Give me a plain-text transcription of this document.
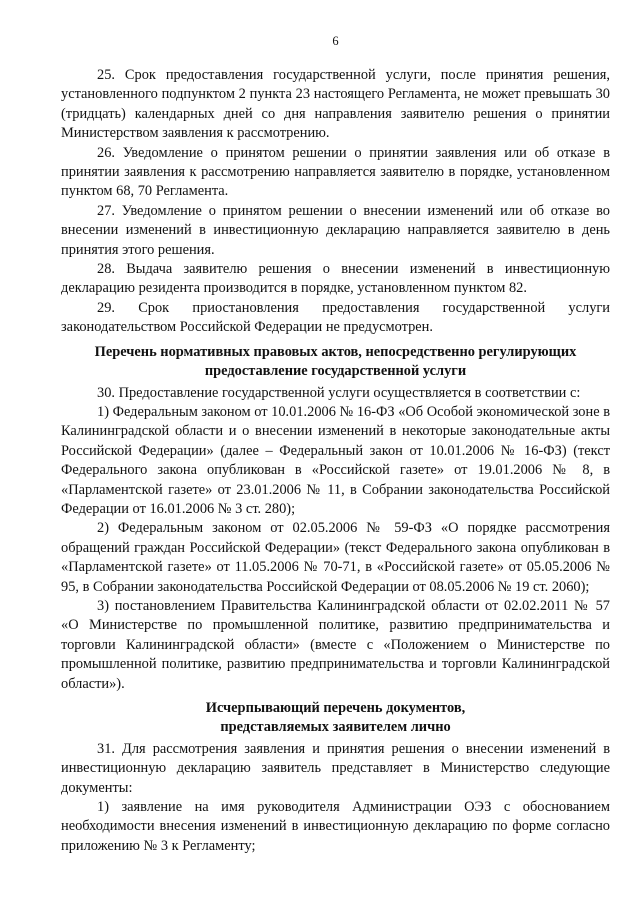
6

25. Срок предоставления государственной услуги, после принятия решения, установленного подпунктом 2 пункта 23 настоящего Регламента, не может превышать 30 (тридцать) календарных дней со дня направления заявителю решения о принятии Министерством заявления к рассмотрению.

26. Уведомление о принятом решении о принятии заявления или об отказе в принятии заявления к рассмотрению направляется заявителю в порядке, установленном пунктом 68, 70 Регламента.

27. Уведомление о принятом решении о внесении изменений или об отказе во внесении изменений в инвестиционную декларацию направляется заявителю в день принятия этого решения.

28. Выдача заявителю решения о внесении изменений в инвестиционную декларацию резидента производится в порядке, установленном пунктом 82.

29. Срок приостановления предоставления государственной услуги законодательством Российской Федерации не предусмотрен.

Перечень нормативных правовых актов, непосредственно регулирующих
предоставление государственной услуги

30. Предоставление государственной услуги осуществляется в соответствии с:

1) Федеральным законом от 10.01.2006 № 16-ФЗ «Об Особой экономической зоне в Калининградской области и о внесении изменений в некоторые законодательные акты Российской Федерации» (далее – Федеральный закон от 10.01.2006 № 16-ФЗ) (текст Федерального закона опубликован в «Российской газете» от 19.01.2006 № 8, в «Парламентской газете» от 23.01.2006 № 11, в Собрании законодательства Российской Федерации от 16.01.2006 № 3 ст. 280);

2) Федеральным законом от 02.05.2006 № 59-ФЗ «О порядке рассмотрения обращений граждан Российской Федерации» (текст Федерального закона опубликован в «Парламентской газете» от 11.05.2006 № 70-71, в «Российской газете» от 05.05.2006 № 95, в Собрании законодательства Российской Федерации от 08.05.2006 № 19 ст. 2060);

3) постановлением Правительства Калининградской области от 02.02.2011 № 57 «О Министерстве по промышленной политике, развитию предпринимательства и торговли Калининградской области» (вместе с «Положением о Министерстве по промышленной политике, развитию предпринимательства и торговли Калининградской области»).

Исчерпывающий перечень документов,
представляемых заявителем лично

31. Для рассмотрения заявления и принятия решения о внесении изменений в инвестиционную декларацию заявитель представляет в Министерство следующие документы:

1) заявление на имя руководителя Администрации ОЭЗ с обоснованием необходимости внесения изменений в инвестиционную декларацию по форме согласно приложению № 3 к Регламенту;
